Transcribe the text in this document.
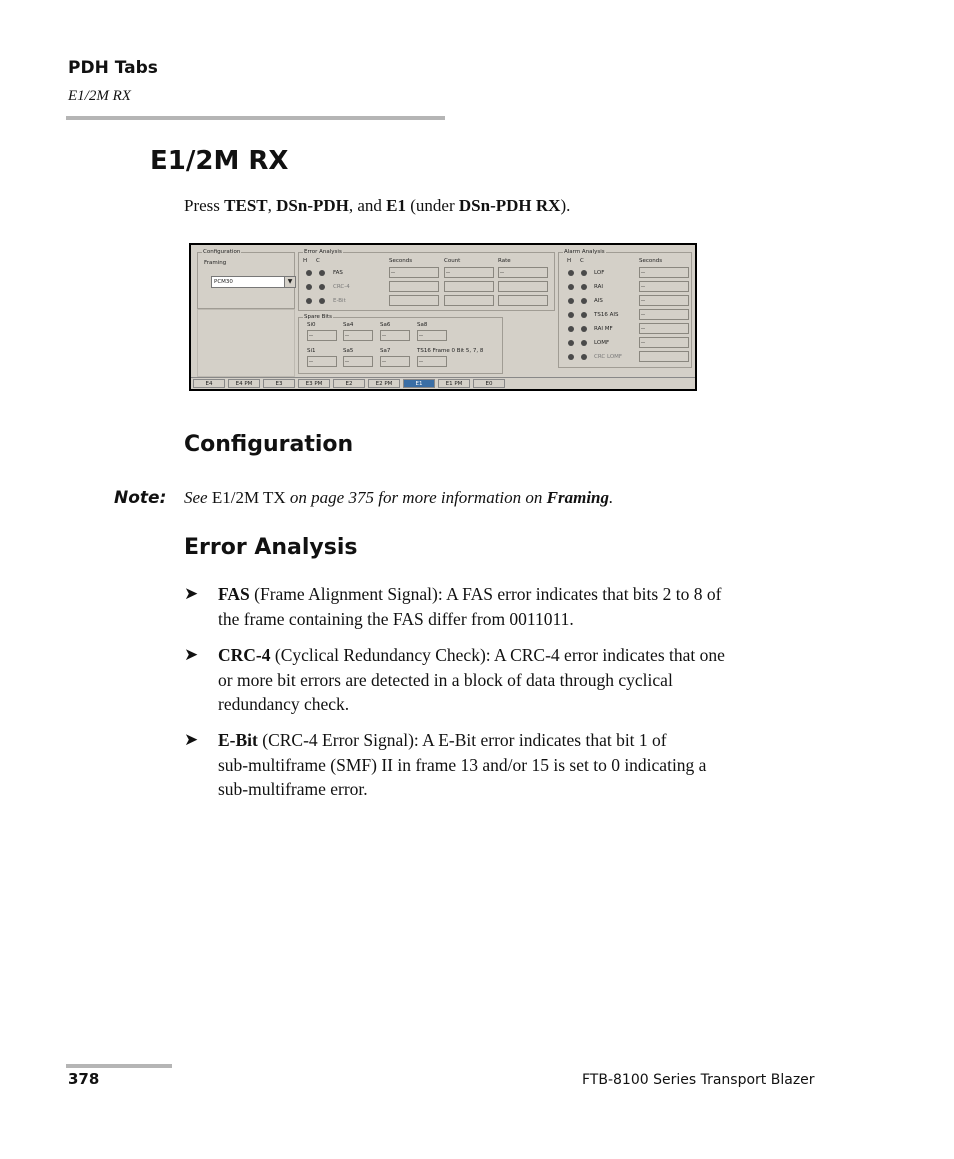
PDH Tabs
E1/2M RX
E1/2M RX
Press TEST, DSn-PDH, and E1 (under DSn-PDH RX).
Configuration
Framing
PCM30	▼
Error Analysis
H C	Seconds	Count	Rate
FAS	--	--	--
CRC-4
E-Bit
Spare Bits
Si0	Sa4	Sa6	Sa8
--	--	--	--
Si1	Sa5	Sa7	TS16 Frame 0 Bit 5, 7, 8
--	--	--	--
Alarm Analysis
H C	Seconds
LOF	--
RAI	--
AIS	--
TS16 AIS	--
RAI MF	--
LOMF	--
CRC LOMF
E4	E4 PM	E3	E3 PM	E2	E2 PM	E1	E1 PM	E0
Configuration
Note: See E1/2M TX on page 375 for more information on Framing.
Error Analysis
➤ FAS (Frame Alignment Signal): A FAS error indicates that bits 2 to 8 of
the frame containing the FAS differ from 0011011.
➤ CRC-4 (Cyclical Redundancy Check): A CRC-4 error indicates that one
or more bit errors are detected in a block of data through cyclical
redundancy check.
➤ E-Bit (CRC-4 Error Signal): A E-Bit error indicates that bit 1 of
sub-multiframe (SMF) II in frame 13 and/or 15 is set to 0 indicating a
sub-multiframe error.
378	FTB-8100 Series Transport Blazer
